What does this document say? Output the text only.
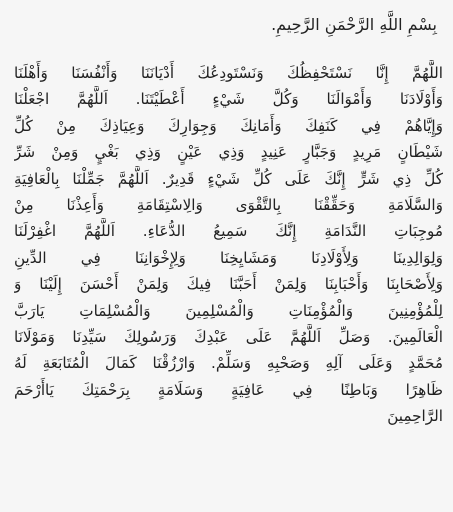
بِسْمِ اللَّهِ الرَّحْمَنِ الرَّحِيمِ.
اللَّهُمَّ إِنَّا نَسْتَحْفِظُكَ وَنَسْتَودِعُكَ أَدْيَانَنَا وَأَنْفُسَنَا وَأَهْلَنَا
وَأَوْلَادَنَا وَأَمْوَالَنَا وَكُلَّ شَيْءٍ أَعْطَيْتَنَا. اَللَّهُمَّ اجْعَلْنَا
وَإِيَّاهُمْ فِي كَنَفِكَ وَأَمَانِكَ وَجِوَارِكَ وَعِيَاذِكَ مِنْ كُلِّ
شَيْطَانٍ مَرِيدٍ وَجَبَّارٍ عَنِيدٍ وَذِي عَيْنٍ وَذِي بَغْيٍ وَمِنْ شَرِّ
كُلِّ ذِي شَرٍّ إِنَّكَ عَلَى كُلِّ شَيْءٍ قَدِيرٌ. اَللَّهُمَّ جَمِّلْنَا بِالْعَافِيَةِ
وَالسَّلَامَةِ وَحَقِّقْنَا بِالتَّقْوَى وَالِاسْتِقَامَةِ وَأَعِذْنَا مِنْ
مُوجِبَاتِ النَّدَامَةِ إِنَّكَ سَمِيعُ الدُّعَاءِ. اَللَّهُمَّ اغْفِرْلَنَا
وَلِوَالِدِينَا وَلِأَوْلَادِنَا وَمَشَايِخِنَا وَلِإِخْوَانِنَا فِي الدِّينِ
وَلِأَصْحَابِنَا وَأَحْبَابِنَا وَلِمَنْ أَحَبَّنَا فِيكَ وَلِمَنْ أَحْسَنَ إِلَيْنَا وَ
لِلْمُؤْمِنِينَ وَالْمُؤْمِنَاتِ وَالْمُسْلِمِينَ وَالْمُسْلِمَاتِ يَارَبَّ
الْعَالَمِينَ. وَصَلِّ اَللَّهُمَّ عَلَى عَبْدِكَ وَرَسُولِكَ سَيِّدِنَا وَمَوْلَانَا
مُحَمَّدٍ وَعَلَى آلِهِ وَصَحْبِهِ وَسَلِّمْ. وَارْزُقْنَا كَمَالَ الْمُتَابَعَةِ لَهُ
ظَاهِرًا وَبَاطِنًا فِي عَافِيَةٍ وَسَلَامَةٍ بِرَحْمَتِكَ يَاأَرْحَمَ
الرَّاحِمِينَ
